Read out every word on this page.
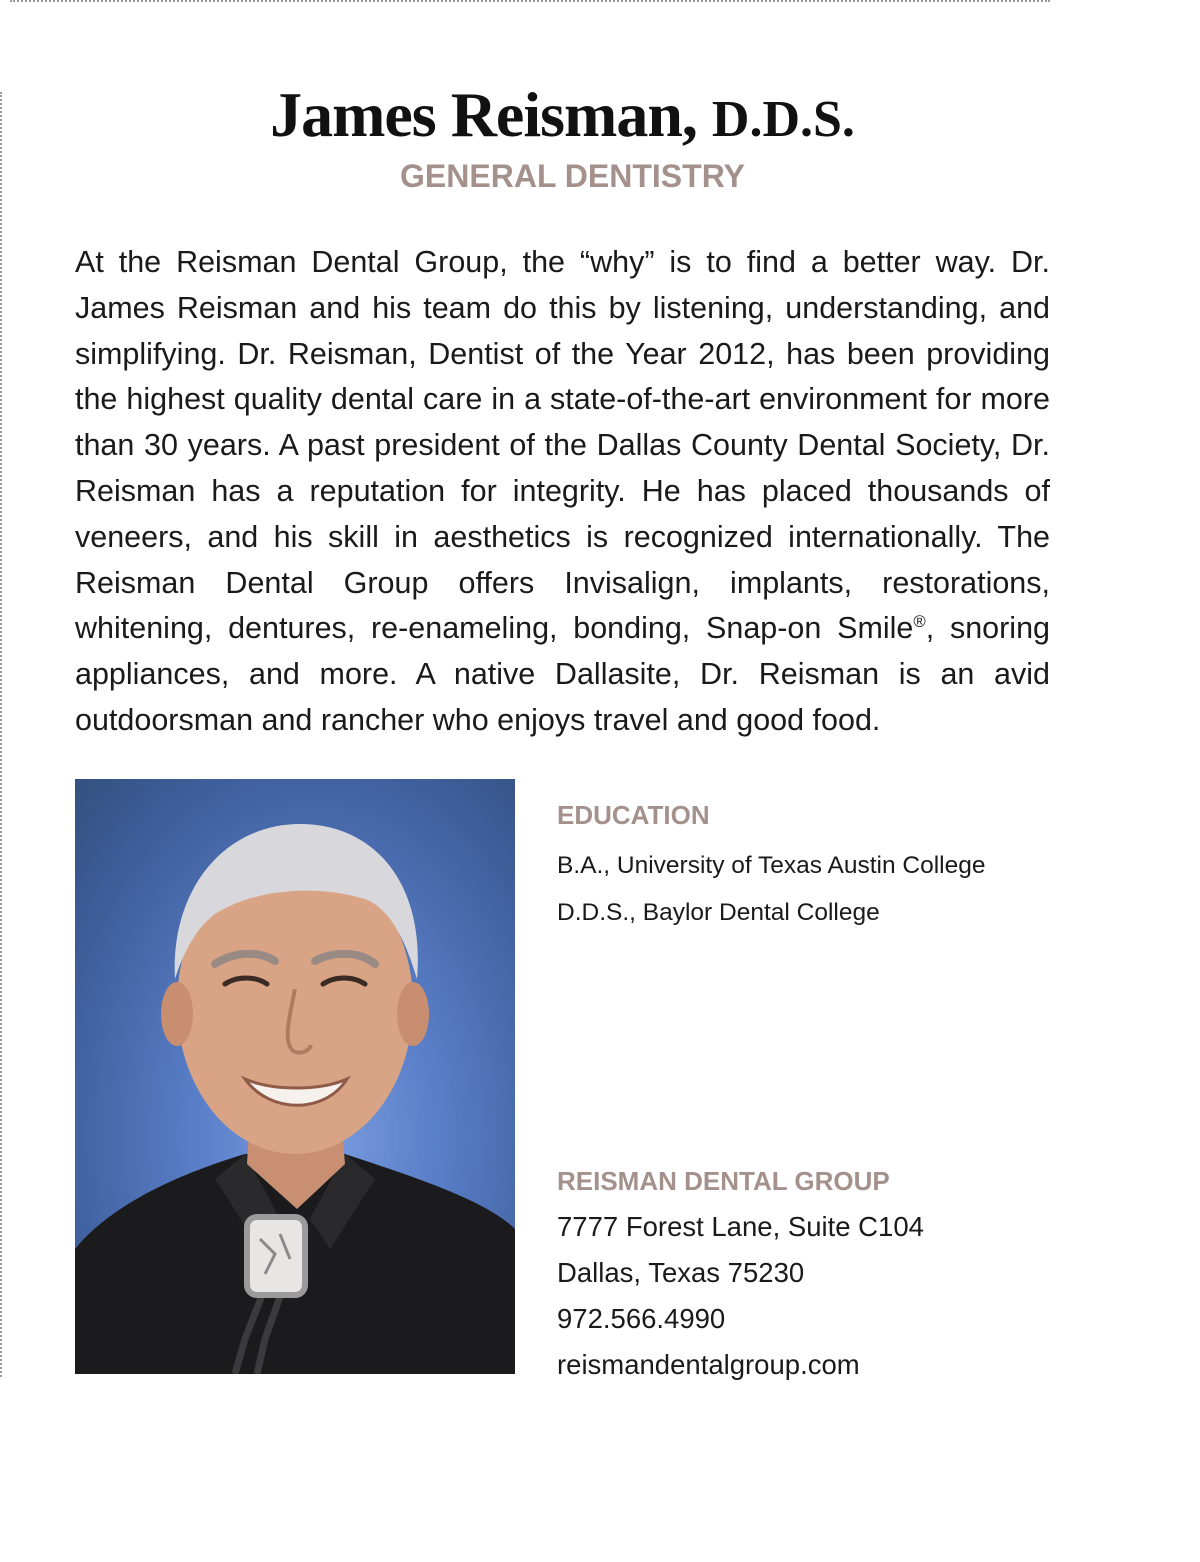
James Reisman, D.D.S.
GENERAL DENTISTRY

At the Reisman Dental Group, the “why” is to find a better way. Dr. James Reisman and his team do this by listening, understanding, and simplifying. Dr. Reisman, Dentist of the Year 2012, has been providing the highest quality dental care in a state-of-the-art environment for more than 30 years. A past president of the Dallas County Dental Society, Dr. Reisman has a reputation for integrity. He has placed thousands of veneers, and his skill in aesthetics is recognized internationally. The Reisman Dental Group offers Invisalign, implants, restorations, whitening, dentures, re-enameling, bonding, Snap-on Smile®, snoring appliances, and more. A native Dallasite, Dr. Reisman is an avid outdoorsman and rancher who enjoys travel and good food.

EDUCATION
B.A., University of Texas Austin College
D.D.S., Baylor Dental College
REISMAN DENTAL GROUP
7777 Forest Lane, Suite C104
Dallas, Texas 75230
972.566.4990
reismandentalgroup.com
